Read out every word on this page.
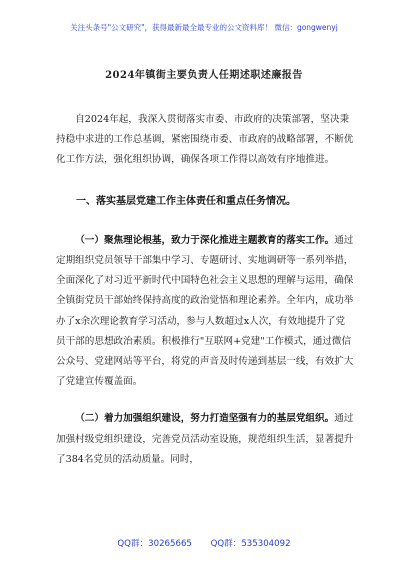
关注头条号"公文研究"，获得最新最全最专业的公文资料库！ 微信：gongwenyj
2024年镇街主要负责人任期述职述廉报告

自2024年起，我深入贯彻落实市委、市政府的决策部署，坚决秉持稳中求进的工作总基调，紧密围绕市委、市政府的战略部署，不断优化工作方法，强化组织协调，确保各项工作得以高效有序地推进。

一、落实基层党建工作主体责任和重点任务情况。

（一）聚焦理论根基，致力于深化推进主题教育的落实工作。通过定期组织党员领导干部集中学习、专题研讨、实地调研等一系列举措，全面深化了对习近平新时代中国特色社会主义思想的理解与运用，确保全镇街党员干部始终保持高度的政治觉悟和理论素养。全年内，成功举办了x余次理论教育学习活动，参与人数超过x人次，有效地提升了党员干部的思想政治素质。积极推行"互联网+党建"工作模式，通过微信公众号、党建网站等平台，将党的声音及时传递到基层一线，有效扩大了党建宣传覆盖面。

（二）着力加强组织建设，努力打造坚强有力的基层党组织。通过加强村级党组织建设，完善党员活动室设施，规范组织生活，显著提升了384名党员的活动质量。同时，

QQ群：30265665 QQ群：535304092
